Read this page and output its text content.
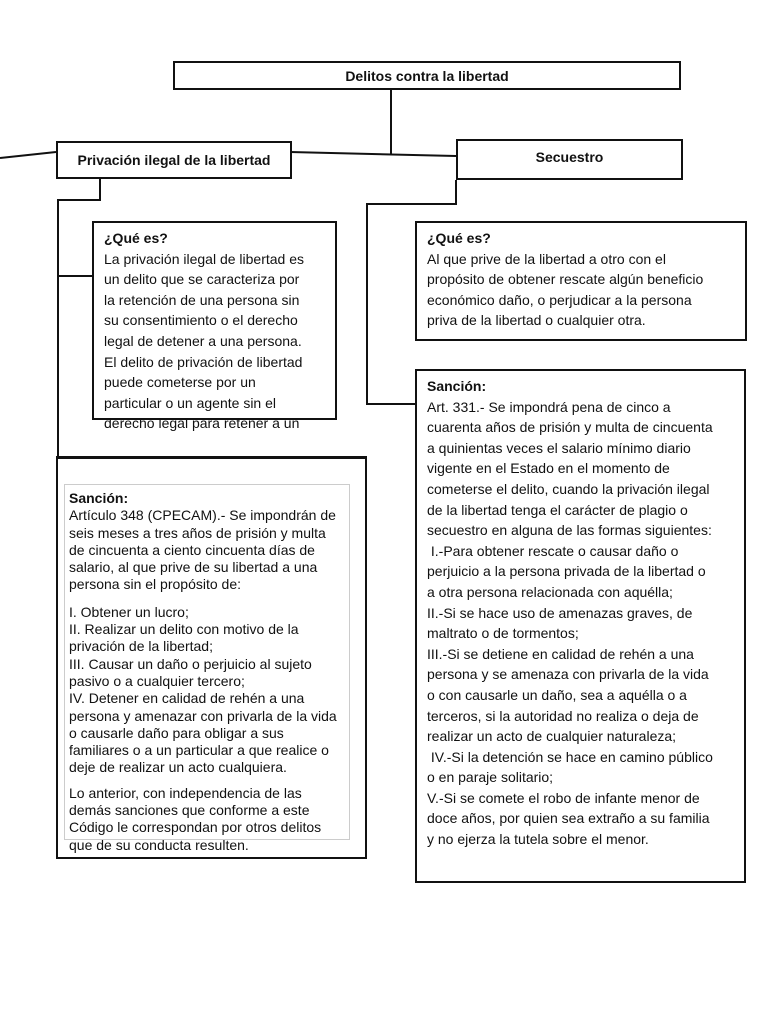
Delitos contra la libertad
Privación ilegal de la libertad	Secuestro
¿Qué es?
La privación ilegal de libertad es
un delito que se caracteriza por
la retención de una persona sin
su consentimiento o el derecho
legal de detener a una persona.
El delito de privación de libertad
puede cometerse por un
particular o un agente sin el
derecho legal para retener a un
¿Qué es?
Al que prive de la libertad a otro con el
propósito de obtener rescate algún beneficio
económico daño, o perjudicar a la persona
priva de la libertad o cualquier otra.
Sanción:
Artículo 348 (CPECAM).- Se impondrán de
seis meses a tres años de prisión y multa
de cincuenta a ciento cincuenta días de
salario, al que prive de su libertad a una
persona sin el propósito de:
I. Obtener un lucro;
II. Realizar un delito con motivo de la
privación de la libertad;
III. Causar un daño o perjuicio al sujeto
pasivo o a cualquier tercero;
IV. Detener en calidad de rehén a una
persona y amenazar con privarla de la vida
o causarle daño para obligar a sus
familiares o a un particular a que realice o
deje de realizar un acto cualquiera.
Lo anterior, con independencia de las
demás sanciones que conforme a este
Código le correspondan por otros delitos
que de su conducta resulten.
Sanción:
Art. 331.- Se impondrá pena de cinco a
cuarenta años de prisión y multa de cincuenta
a quinientas veces el salario mínimo diario
vigente en el Estado en el momento de
cometerse el delito, cuando la privación ilegal
de la libertad tenga el carácter de plagio o
secuestro en alguna de las formas siguientes:
I.-Para obtener rescate o causar daño o
perjuicio a la persona privada de la libertad o
a otra persona relacionada con aquélla;
II.-Si se hace uso de amenazas graves, de
maltrato o de tormentos;
III.-Si se detiene en calidad de rehén a una
persona y se amenaza con privarla de la vida
o con causarle un daño, sea a aquélla o a
terceros, si la autoridad no realiza o deja de
realizar un acto de cualquier naturaleza;
IV.-Si la detención se hace en camino público
o en paraje solitario;
V.-Si se comete el robo de infante menor de
doce años, por quien sea extraño a su familia
y no ejerza la tutela sobre el menor.
